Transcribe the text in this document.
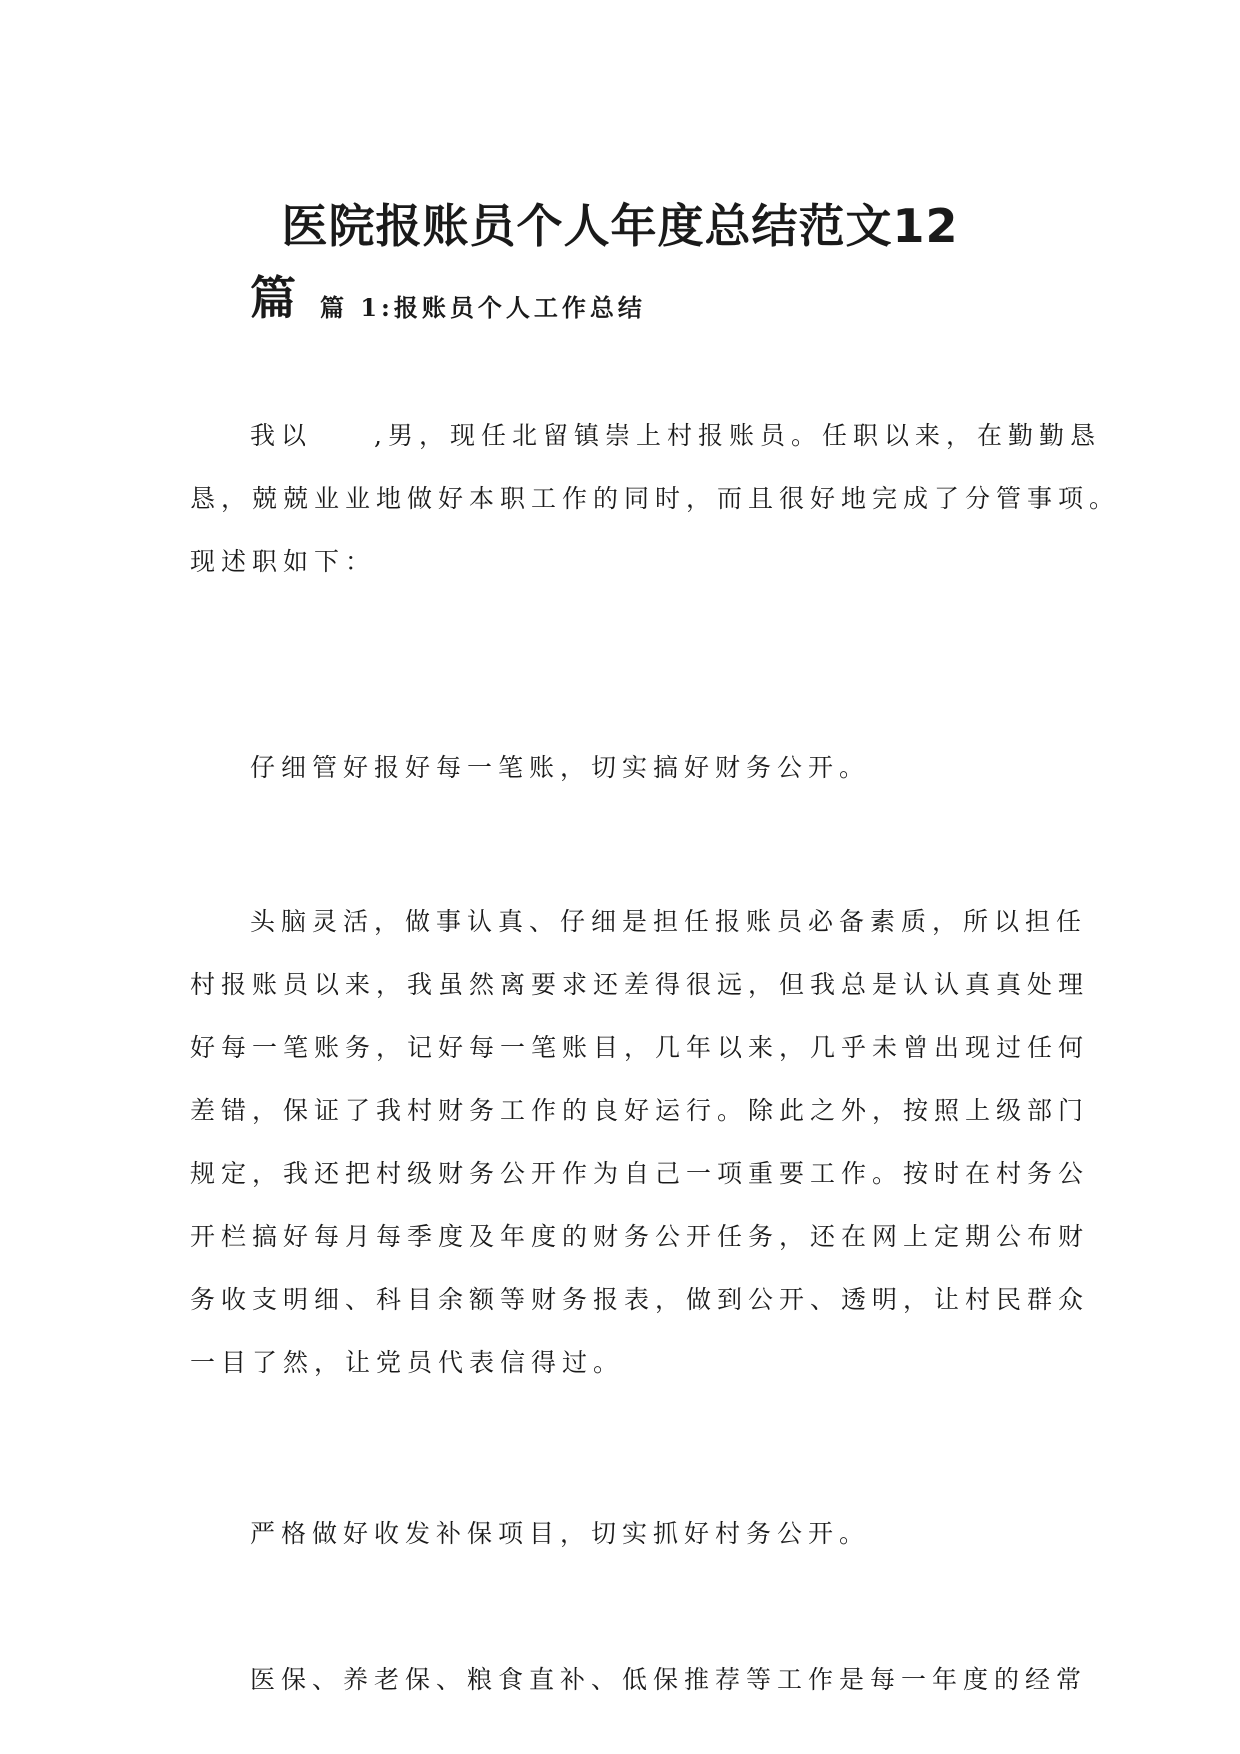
医院报账员个人年度总结范文12
篇 篇 1:报账员个人工作总结
我以　　,男，现任北留镇崇上村报账员。任职以来，在勤勤恳
恳，兢兢业业地做好本职工作的同时，而且很好地完成了分管事项。
现述职如下：
仔细管好报好每一笔账，切实搞好财务公开。
头脑灵活，做事认真、仔细是担任报账员必备素质，所以担任
村报账员以来，我虽然离要求还差得很远，但我总是认认真真处理
好每一笔账务，记好每一笔账目，几年以来，几乎未曾出现过任何
差错，保证了我村财务工作的良好运行。除此之外，按照上级部门
规定，我还把村级财务公开作为自己一项重要工作。按时在村务公
开栏搞好每月每季度及年度的财务公开任务，还在网上定期公布财
务收支明细、科目余额等财务报表，做到公开、透明，让村民群众
一目了然，让党员代表信得过。
严格做好收发补保项目，切实抓好村务公开。
医保、养老保、粮食直补、低保推荐等工作是每一年度的经常
